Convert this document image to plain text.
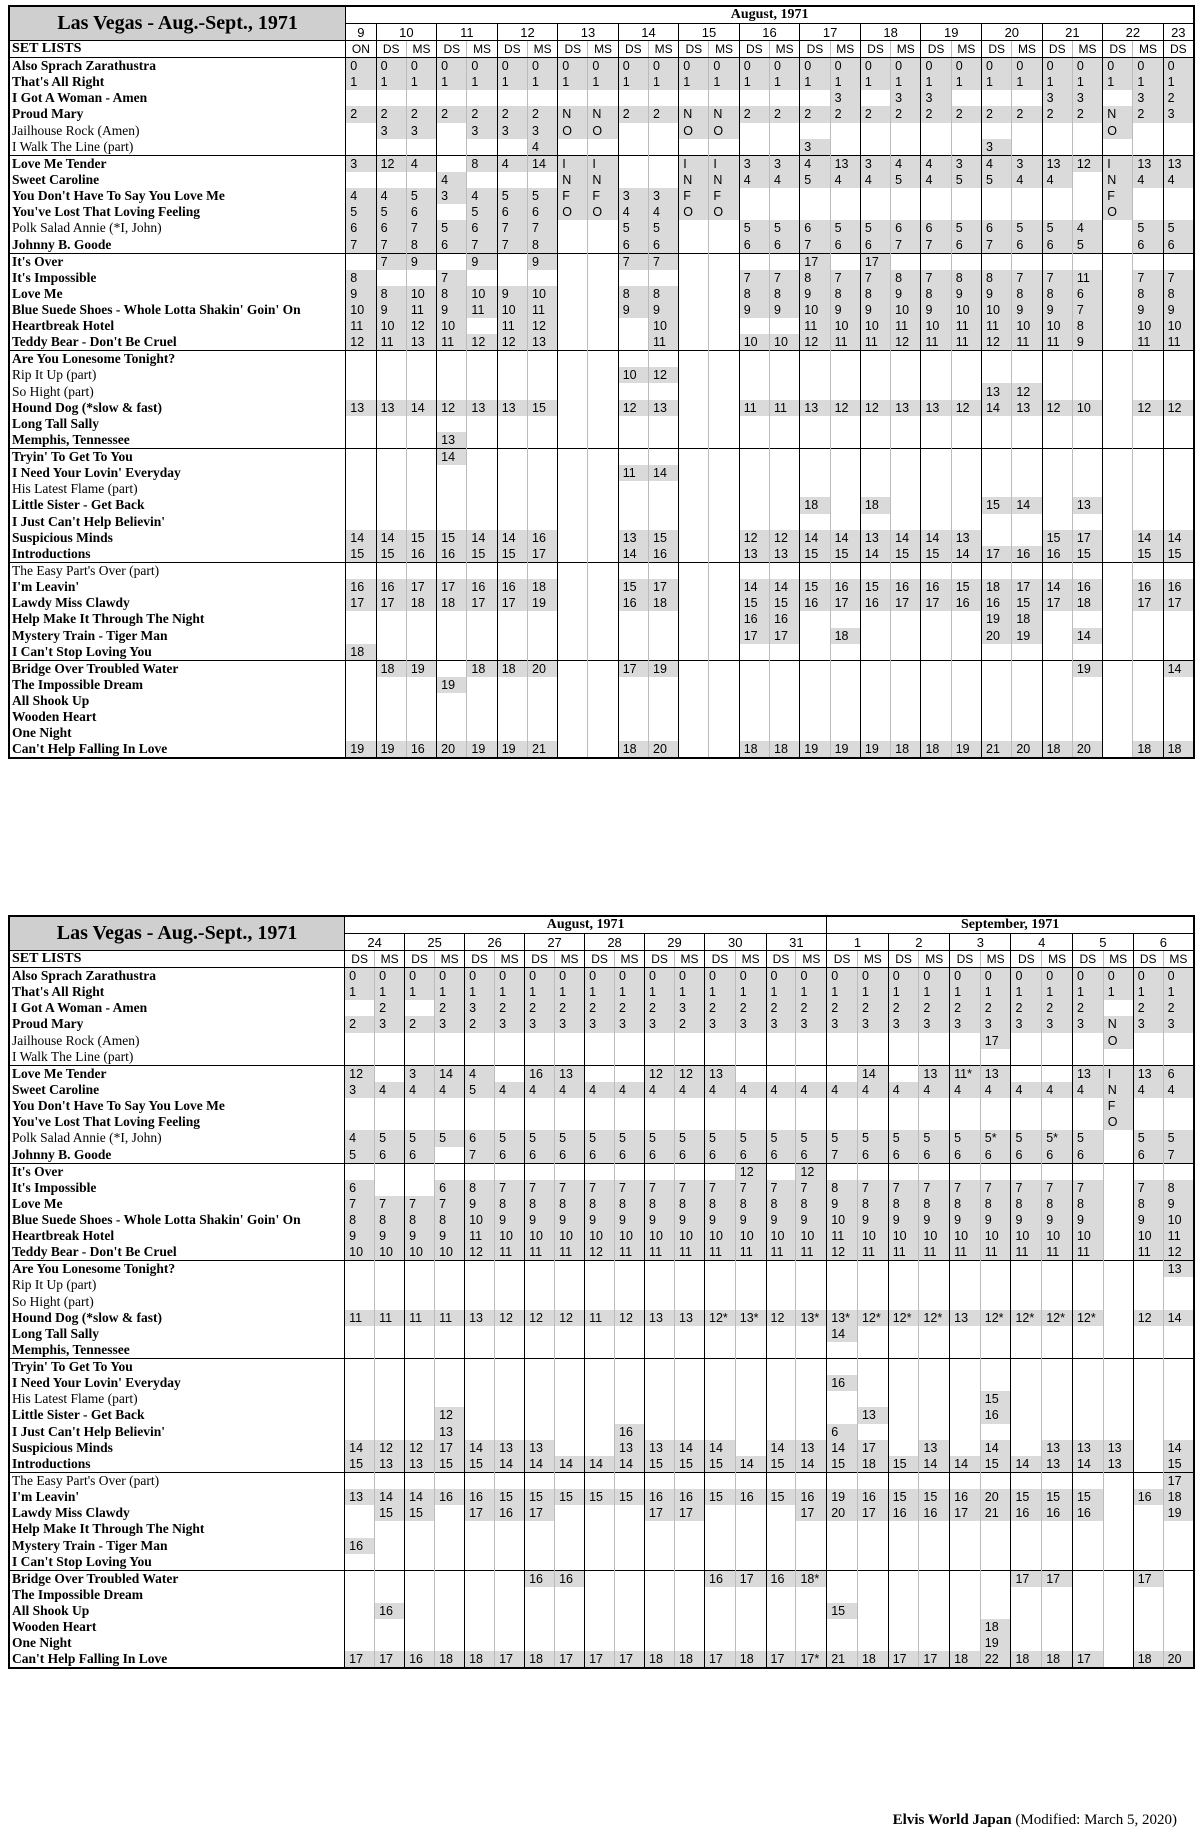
Las Vegas - Aug.-Sept., 1971	August, 1971																											
	9	10		11		12		13		14		15		16		17		18		19		20		21		22		23
SET LISTS	ON	DS	MS	DS	MS	DS	MS	DS	MS	DS	MS	DS	MS	DS	MS	DS	MS	DS	MS	DS	MS	DS	MS	DS	MS	DS	MS	DS
Also Sprach Zarathustra	0	0	0	0	0	0	0	0	0	0	0	0	0	0	0	0	0	0	0	0	0	0	0	0	0	0	0	0
That's All Right	1	1	1	1	1	1	1	1	1	1	1	1	1	1	1	1	1	1	1	1	1	1	1	1	1	1	1	1
I Got A Woman - Amen																	3		3	3				3	3		3	2
Proud Mary	2	2	2	2	2	2	2	N	N	2	2	N	N	2	2	2	2	2	2	2	2	2	2	2	2	N	2	3
Jailhouse Rock (Amen)		3	3		3	3	3	O	O			O	O													O		
I Walk The Line (part)							4									3						3						
Love Me Tender	3	12	4		8	4	14	I	I			I	I	3	3	4	13	3	4	4	3	4	3	13	12	I	13	13
Sweet Caroline				4				N	N			N	N	4	4	5	4	4	5	4	5	5	4	4		N	4	4
You Don't Have To Say You Love Me	4	4	5	3	4	5	5	F	F	3	3	F	F													F		
You've Lost That Loving Feeling	5	5	6		5	6	6	O	O	4	4	O	O													O		
Polk Salad Annie (*I, John)	6	6	7	5	6	7	7			5	5			5	5	6	5	5	6	6	5	6	5	5	4		5	5
Johnny B. Goode	7	7	8	6	7	7	8			6	6			6	6	7	6	6	7	7	6	7	6	6	5		6	6
It's Over		7	9		9		9			7	7					17		17										
It's Impossible	8			7										7	7	8	7	7	8	7	8	8	7	7	11		7	7
Love Me	9	8	10	8	10	9	10			8	8			8	8	9	8	8	9	8	9	9	8	8	6		8	8
Blue Suede Shoes - Whole Lotta Shakin' Goin' On	10	9	11	9	11	10	11			9	9			9	9	10	9	9	10	9	10	10	9	9	7		9	9
Heartbreak Hotel	11	10	12	10		11	12				10					11	10	10	11	10	11	11	10	10	8		10	10
Teddy Bear - Don't Be Cruel	12	11	13	11	12	12	13				11			10	10	12	11	11	12	11	11	12	11	11	9		11	11
Are You Lonesome Tonight?																												
Rip It Up (part)										10	12																	
So Hight (part)																						13	12					
Hound Dog (*slow & fast)	13	13	14	12	13	13	15			12	13			11	11	13	12	12	13	13	12	14	13	12	10		12	12
Long Tall Sally																												
Memphis, Tennessee				13																								
Tryin' To Get To You				14																								
I Need Your Lovin' Everyday										11	14																	
His Latest Flame (part)																												
Little Sister - Get Back																18		18				15	14		13			
I Just Can't Help Believin'																												
Suspicious Minds	14	14	15	15	14	14	16			13	15			12	12	14	14	13	14	14	13			15	17		14	14
Introductions	15	15	16	16	15	15	17			14	16			13	13	15	15	14	15	15	14	17	16	16	15		15	15
The Easy Part's Over (part)																												
I'm Leavin'	16	16	17	17	16	16	18			15	17			14	14	15	16	15	16	16	15	18	17	14	16		16	16
Lawdy Miss Clawdy	17	17	18	18	17	17	19			16	18			15	15	16	17	16	17	17	16	16	15	17	18		17	17
Help Make It Through The Night														16	16							19	18					
Mystery Train - Tiger Man														17	17		18					20	19		14			
I Can't Stop Loving You	18																											
Bridge Over Troubled Water		18	19		18	18	20			17	19														19			14
The Impossible Dream				19																								
All Shook Up																												
Wooden Heart																												
One Night																												
Can't Help Falling In Love	19	19	16	20	19	19	21			18	20			18	18	19	19	19	18	18	19	21	20	18	20		18	18
Las Vegas - Aug.-Sept., 1971	August, 1971																September, 1971											
	24		25		26		27		28		29		30		31		1		2		3		4		5		6	
SET LISTS	DS	MS	DS	MS	DS	MS	DS	MS	DS	MS	DS	MS	DS	MS	DS	MS	DS	MS	DS	MS	DS	MS	DS	MS	DS	MS	DS	MS
Also Sprach Zarathustra	0	0	0	0	0	0	0	0	0	0	0	0	0	0	0	0	0	0	0	0	0	0	0	0	0	0	0	0
That's All Right	1	1	1	1	1	1	1	1	1	1	1	1	1	1	1	1	1	1	1	1	1	1	1	1	1	1	1	1
I Got A Woman - Amen		2		2	3	2	2	2	2	2	2	3	2	2	2	2	2	2	2	2	2	2	2	2	2		2	2
Proud Mary	2	3	2	3	2	3	3	3	3	3	3	2	3	3	3	3	3	3	3	3	3	3	3	3	3	N	3	3
Jailhouse Rock (Amen)																						17				O		
I Walk The Line (part)																												
Love Me Tender	12		3	14	4		16	13			12	12	13					14		13	11*	13			13	I	13	6
Sweet Caroline	3	4	4	4	5	4	4	4	4	4	4	4	4	4	4	4	4	4	4	4	4	4	4	4	4	N	4	4
You Don't Have To Say You Love Me																										F		
You've Lost That Loving Feeling																										O		
Polk Salad Annie (*I, John)	4	5	5	5	6	5	5	5	5	5	5	5	5	5	5	5	5	5	5	5	5	5*	5	5*	5		5	5
Johnny B. Goode	5	6	6		7	6	6	6	6	6	6	6	6	6	6	6	7	6	6	6	6	6	6	6	6		6	7
It's Over														12		12												
It's Impossible	6			6	8	7	7	7	7	7	7	7	7	7	7	7	8	7	7	7	7	7	7	7	7		7	8
Love Me	7	7	7	7	9	8	8	8	8	8	8	8	8	8	8	8	9	8	8	8	8	8	8	8	8		8	9
Blue Suede Shoes - Whole Lotta Shakin' Goin' On	8	8	8	8	10	9	9	9	9	9	9	9	9	9	9	9	10	9	9	9	9	9	9	9	9		9	10
Heartbreak Hotel	9	9	9	9	11	10	10	10	10	10	10	10	10	10	10	10	11	10	10	10	10	10	10	10	10		10	11
Teddy Bear - Don't Be Cruel	10	10	10	10	12	11	11	11	12	11	11	11	11	11	11	11	12	11	11	11	11	11	11	11	11		11	12
Are You Lonesome Tonight?																												13
Rip It Up (part)																												
So Hight (part)																												
Hound Dog (*slow & fast)	11	11	11	11	13	12	12	12	11	12	13	13	12*	13*	12	13*	13*	12*	12*	12*	13	12*	12*	12*	12*		12	14
Long Tall Sally																	14											
Memphis, Tennessee																												
Tryin' To Get To You																												
I Need Your Lovin' Everyday																	16											
His Latest Flame (part)																						15						
Little Sister - Get Back				12														13				16						
I Just Can't Help Believin'				13						16							6											
Suspicious Minds	14	12	12	17	14	13	13			13	13	14	14		14	13	14	17		13		14		13	13	13		14
Introductions	15	13	13	15	15	14	14	14	14	14	15	15	15	14	15	14	15	18	15	14	14	15	14	13	14	13		15
The Easy Part's Over (part)																												17
I'm Leavin'	13	14	14	16	16	15	15	15	15	15	16	16	15	16	15	16	19	16	15	15	16	20	15	15	15		16	18
Lawdy Miss Clawdy		15	15		17	16	17				17	17				17	20	17	16	16	17	21	16	16	16			19
Help Make It Through The Night																												
Mystery Train - Tiger Man	16																											
I Can't Stop Loving You																												
Bridge Over Troubled Water							16	16					16	17	16	18*							17	17			17	
The Impossible Dream																												
All Shook Up		16															15											
Wooden Heart																						18						
One Night																						19						
Can't Help Falling In Love	17	17	16	18	18	17	18	17	17	17	18	18	17	18	17	17*	21	18	17	17	18	22	18	18	17		18	20
Elvis World Japan (Modified: March 5, 2020)
